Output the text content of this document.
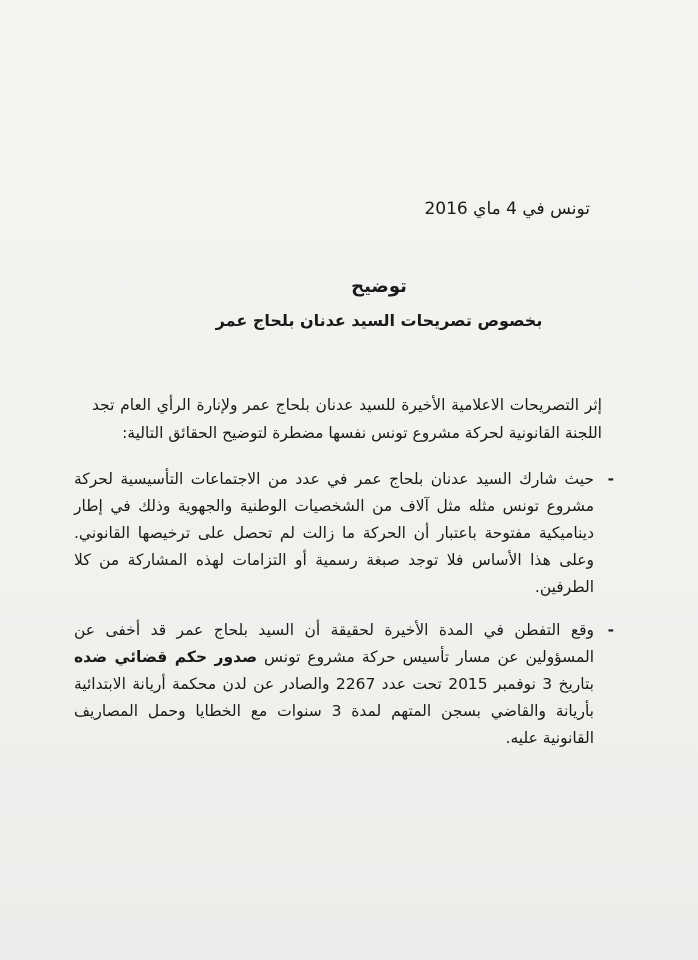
تونس في 4 ماي 2016
توضيح
بخصوص تصريحات السيد عدنان بلحاج عمر

إثر التصريحات الاعلامية الأخيرة للسيد عدنان بلحاج عمر ولإنارة الرأي العام تجد اللجنة القانونية لحركة مشروع تونس نفسها مضطرة لتوضيح الحقائق التالية:

-
حيث شارك السيد عدنان بلحاج عمر في عدد من الاجتماعات التأسيسية لحركة مشروع تونس مثله مثل آلاف من الشخصيات الوطنية والجهوية وذلك في إطار ديناميكية مفتوحة باعتبار أن الحركة ما زالت لم تحصل على ترخيصها القانوني. وعلى هذا الأساس فلا توجد صبغة رسمية أو التزامات لهذه المشاركة من كلا الطرفين.
-
وقع التفطن في المدة الأخيرة لحقيقة أن السيد بلحاج عمر قد أخفى عن المسؤولين عن مسار تأسيس حركة مشروع تونس صدور حكم قضائي ضده بتاريخ 3 نوفمبر 2015 تحت عدد 2267 والصادر عن لدن محكمة أريانة الابتدائية بأريانة والقاضي بسجن المتهم لمدة 3 سنوات مع الخطايا وحمل المصاريف القانونية عليه.
